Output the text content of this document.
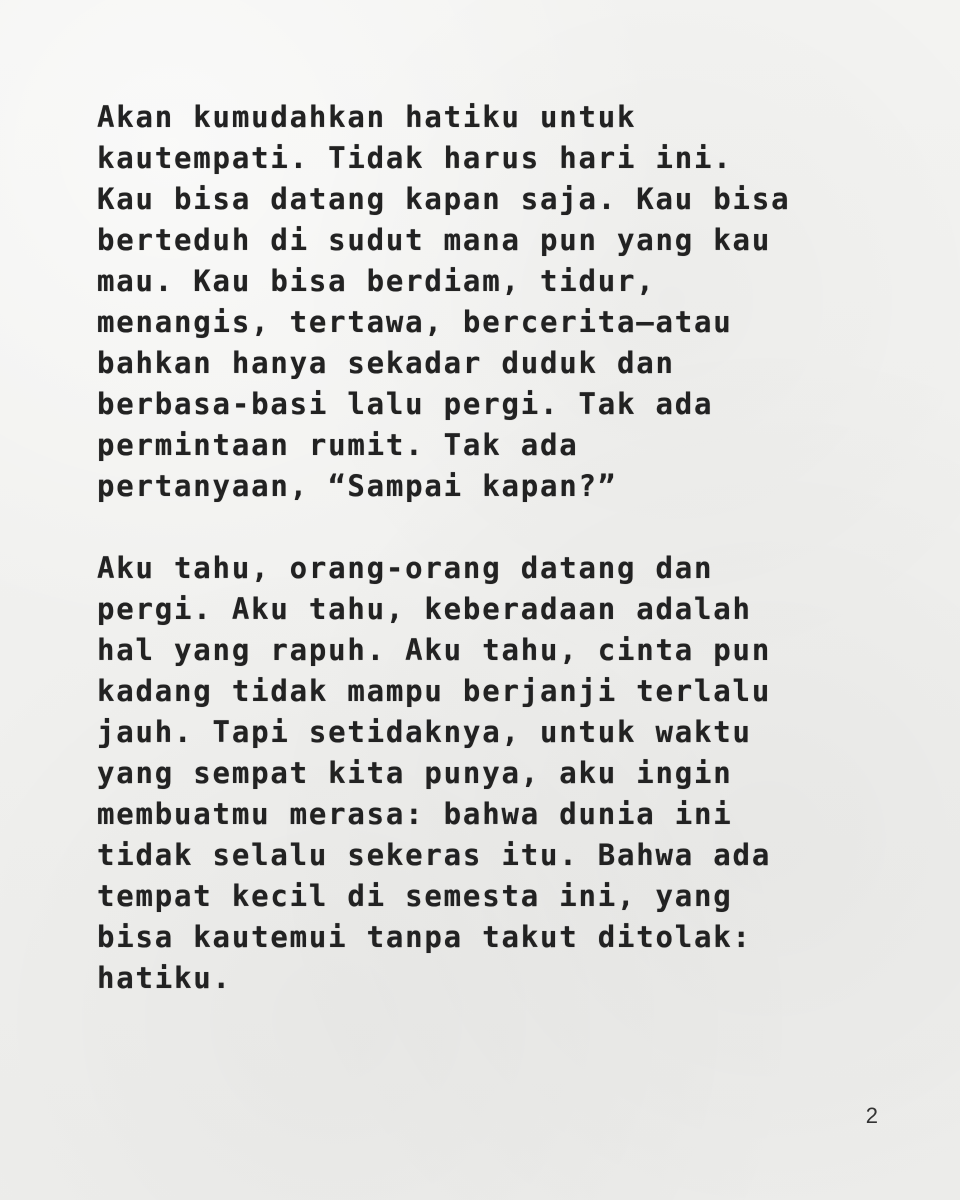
Akan kumudahkan hatiku untuk
kautempati. Tidak harus hari ini.
Kau bisa datang kapan saja. Kau bisa
berteduh di sudut mana pun yang kau
mau. Kau bisa berdiam, tidur,
menangis, tertawa, bercerita—atau
bahkan hanya sekadar duduk dan
berbasa-basi lalu pergi. Tak ada
permintaan rumit. Tak ada
pertanyaan, “Sampai kapan?”
Aku tahu, orang-orang datang dan
pergi. Aku tahu, keberadaan adalah
hal yang rapuh. Aku tahu, cinta pun
kadang tidak mampu berjanji terlalu
jauh. Tapi setidaknya, untuk waktu
yang sempat kita punya, aku ingin
membuatmu merasa: bahwa dunia ini
tidak selalu sekeras itu. Bahwa ada
tempat kecil di semesta ini, yang
bisa kautemui tanpa takut ditolak:
hatiku.
2
